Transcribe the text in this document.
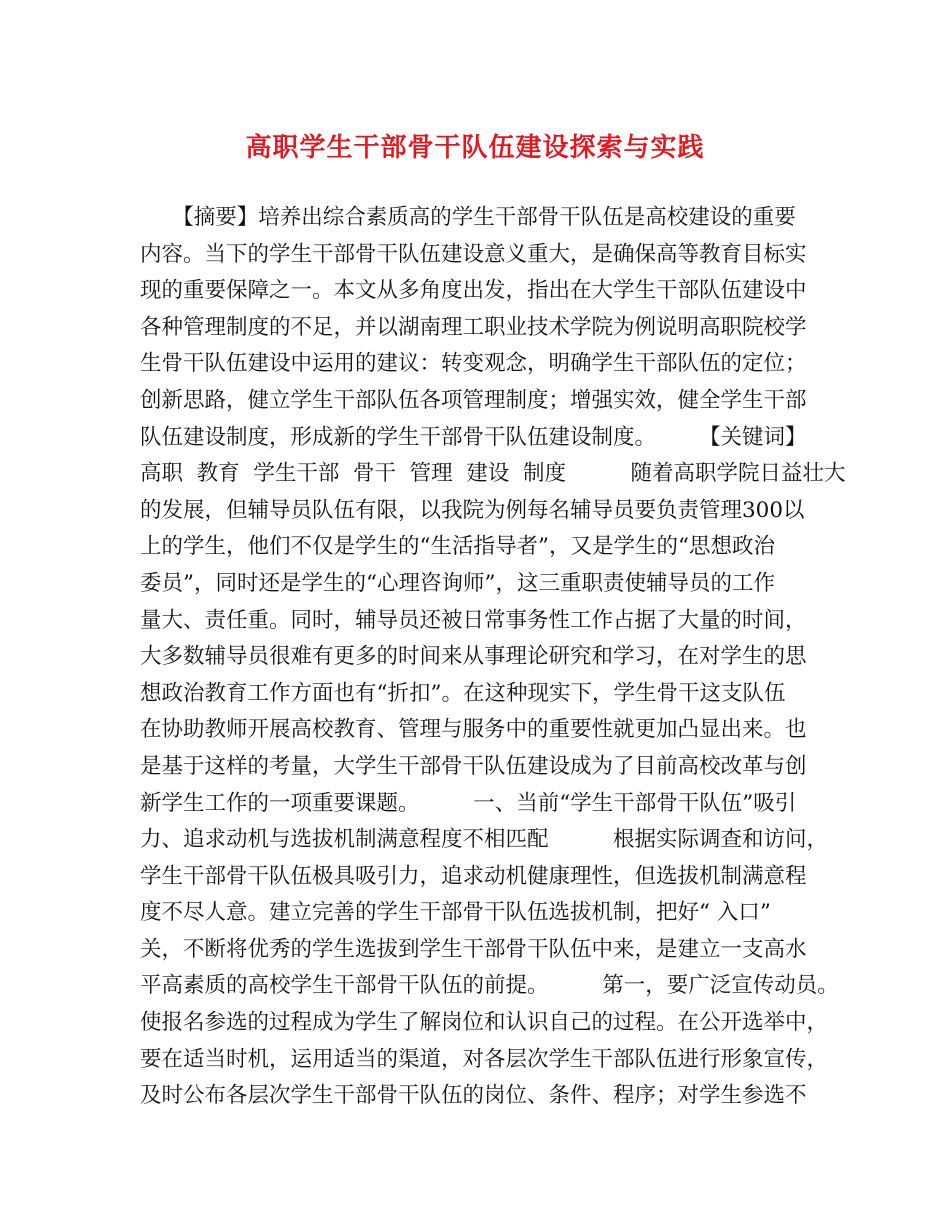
高职学生干部骨干队伍建设探索与实践
　　【摘要】培养出综合素质高的学生干部骨干队伍是高校建设的重要
内容。当下的学生干部骨干队伍建设意义重大，是确保高等教育目标实
现的重要保障之一。本文从多角度出发，指出在大学生干部队伍建设中
各种管理制度的不足，并以湖南理工职业技术学院为例说明高职院校学
生骨干队伍建设中运用的建议：转变观念，明确学生干部队伍的定位；
创新思路，健立学生干部队伍各项管理制度；增强实效，健全学生干部
队伍建设制度，形成新的学生干部骨干队伍建设制度。　　　【关键词】
高职  教育  学生干部  骨干  管理  建设  制度　　　随着高职学院日益壮大
的发展，但辅导员队伍有限，以我院为例每名辅导员要负责管理300以
上的学生，他们不仅是学生的“生活指导者”，又是学生的“思想政治
委员”，同时还是学生的“心理咨询师”，这三重职责使辅导员的工作
量大、责任重。同时，辅导员还被日常事务性工作占据了大量的时间，
大多数辅导员很难有更多的时间来从事理论研究和学习，在对学生的思
想政治教育工作方面也有“折扣”。在这种现实下，学生骨干这支队伍
在协助教师开展高校教育、管理与服务中的重要性就更加凸显出来。也
是基于这样的考量，大学生干部骨干队伍建设成为了目前高校改革与创
新学生工作的一项重要课题。　　　一、当前“学生干部骨干队伍”吸引
力、追求动机与选拔机制满意程度不相匹配　　　根据实际调查和访问，
学生干部骨干队伍极具吸引力，追求动机健康理性，但选拔机制满意程
度不尽人意。建立完善的学生干部骨干队伍选拔机制，把好“ 入口”
关，不断将优秀的学生选拔到学生干部骨干队伍中来，是建立一支高水
平高素质的高校学生干部骨干队伍的前提。　　　第一，要广泛宣传动员。
使报名参选的过程成为学生了解岗位和认识自己的过程。在公开选举中，
要在适当时机，运用适当的渠道，对各层次学生干部队伍进行形象宣传，
及时公布各层次学生干部骨干队伍的岗位、条件、程序；对学生参选不
